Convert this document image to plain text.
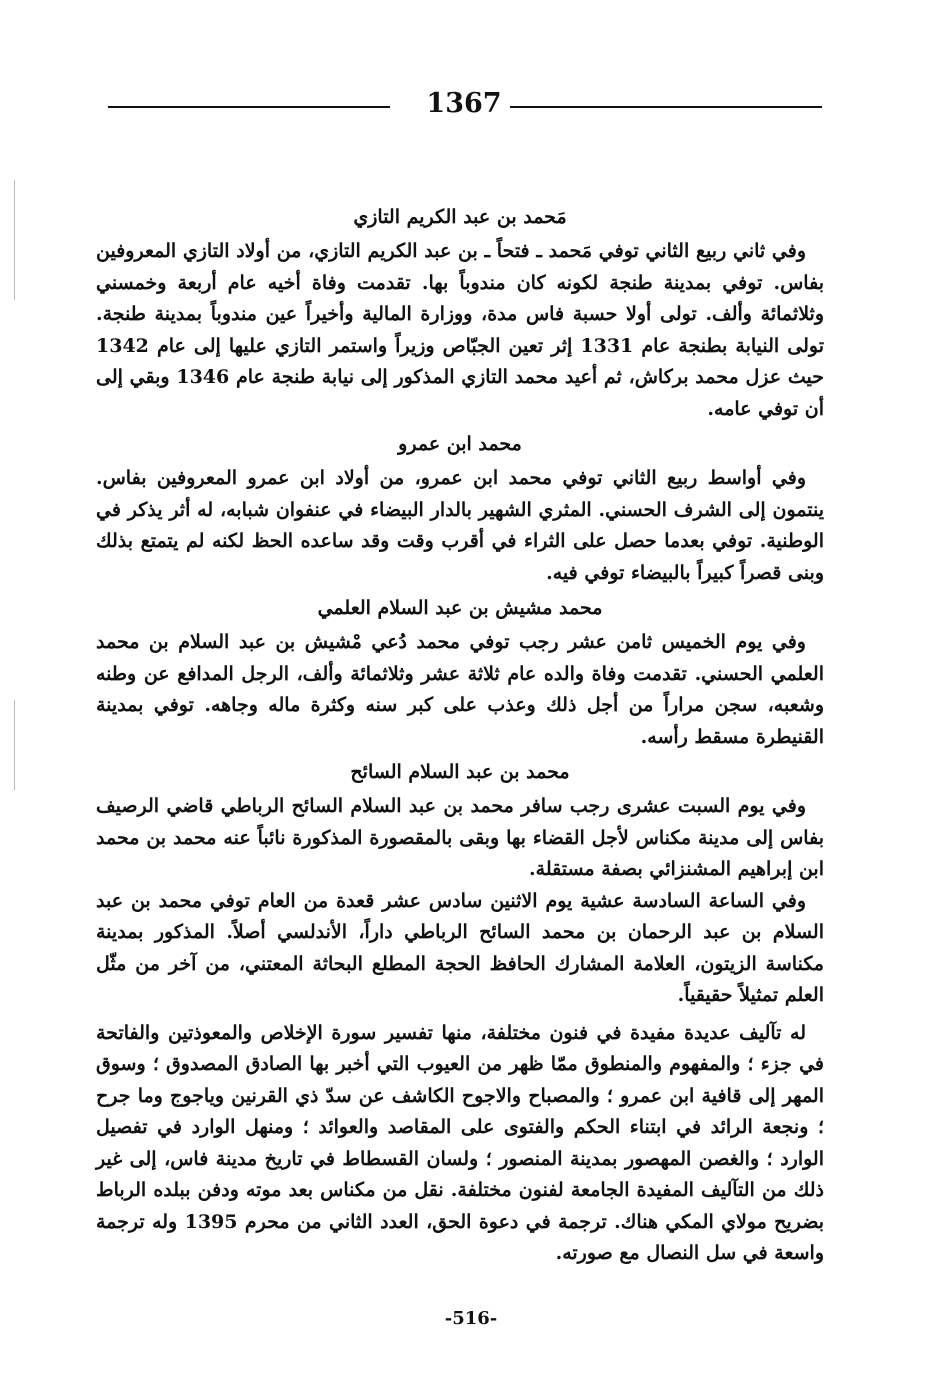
1367
مَحمد بن عبد الكريم التازي

وفي ثاني ربيع الثاني توفي مَحمد ـ فتحاً ـ بن عبد الكريم التازي، من أولاد التازي المعروفين بفاس. توفي بمدينة طنجة لكونه كان مندوباً بها. تقدمت وفاة أخيه عام أربعة وخمسني وثلاثمائة وألف. تولى أولا حسبة فاس مدة، ووزارة المالية وأخيراً عين مندوباً بمدينة طنجة. تولى النيابة بطنجة عام 1331 إثر تعين الجبّاص وزيراً واستمر التازي عليها إلى عام 1342 حيث عزل محمد بركاش، ثم أعيد محمد التازي المذكور إلى نيابة طنجة عام 1346 وبقي إلى أن توفي عامه.

محمد ابن عمرو

وفي أواسط ربيع الثاني توفي محمد ابن عمرو، من أولاد ابن عمرو المعروفين بفاس. ينتمون إلى الشرف الحسني. المثري الشهير بالدار البيضاء في عنفوان شبابه، له أثر يذكر في الوطنية. توفي بعدما حصل على الثراء في أقرب وقت وقد ساعده الحظ لكنه لم يتمتع بذلك وبنى قصراً كبيراً بالبيضاء توفي فيه.

محمد مشيش بن عبد السلام العلمي

وفي يوم الخميس ثامن عشر رجب توفي محمد دُعي مْشيش بن عبد السلام بن محمد العلمي الحسني. تقدمت وفاة والده عام ثلاثة عشر وثلاثمائة وألف، الرجل المدافع عن وطنه وشعبه، سجن مراراً من أجل ذلك وعذب على كبر سنه وكثرة ماله وجاهه. توفي بمدينة القنيطرة مسقط رأسه.

محمد بن عبد السلام السائح

وفي يوم السبت عشرى رجب سافر محمد بن عبد السلام السائح الرباطي قاضي الرصيف بفاس إلى مدينة مكناس لأجل القضاء بها وبقى بالمقصورة المذكورة نائباً عنه محمد بن محمد ابن إبراهيم المشنزائي بصفة مستقلة.

وفي الساعة السادسة عشية يوم الاثنين سادس عشر قعدة من العام توفي محمد بن عبد السلام بن عبد الرحمان بن محمد السائح الرباطي داراً، الأندلسي أصلاً. المذكور بمدينة مكناسة الزيتون، العلامة المشارك الحافظ الحجة المطلع البحاثة المعتني، من آخر من مثّل العلم تمثيلاً حقيقياً.

له تآليف عديدة مفيدة في فنون مختلفة، منها تفسير سورة الإخلاص والمعوذتين والفاتحة في جزء ؛ والمفهوم والمنطوق ممّا ظهر من العيوب التي أخبر بها الصادق المصدوق ؛ وسوق المهر إلى قافية ابن عمرو ؛ والمصباح والاجوح الكاشف عن سدّ ذي القرنين وياجوج وما جرح ؛ ونجعة الرائد في ابتناء الحكم والفتوى على المقاصد والعوائد ؛ ومنهل الوارد في تفصيل الوارد ؛ والغصن المهصور بمدينة المنصور ؛ ولسان القسطاط في تاريخ مدينة فاس، إلى غير ذلك من التآليف المفيدة الجامعة لفنون مختلفة. نقل من مكناس بعد موته ودفن ببلده الرباط بضريح مولاي المكي هناك. ترجمة في دعوة الحق، العدد الثاني من محرم 1395 وله ترجمة واسعة في سل النصال مع صورته.

-516-
